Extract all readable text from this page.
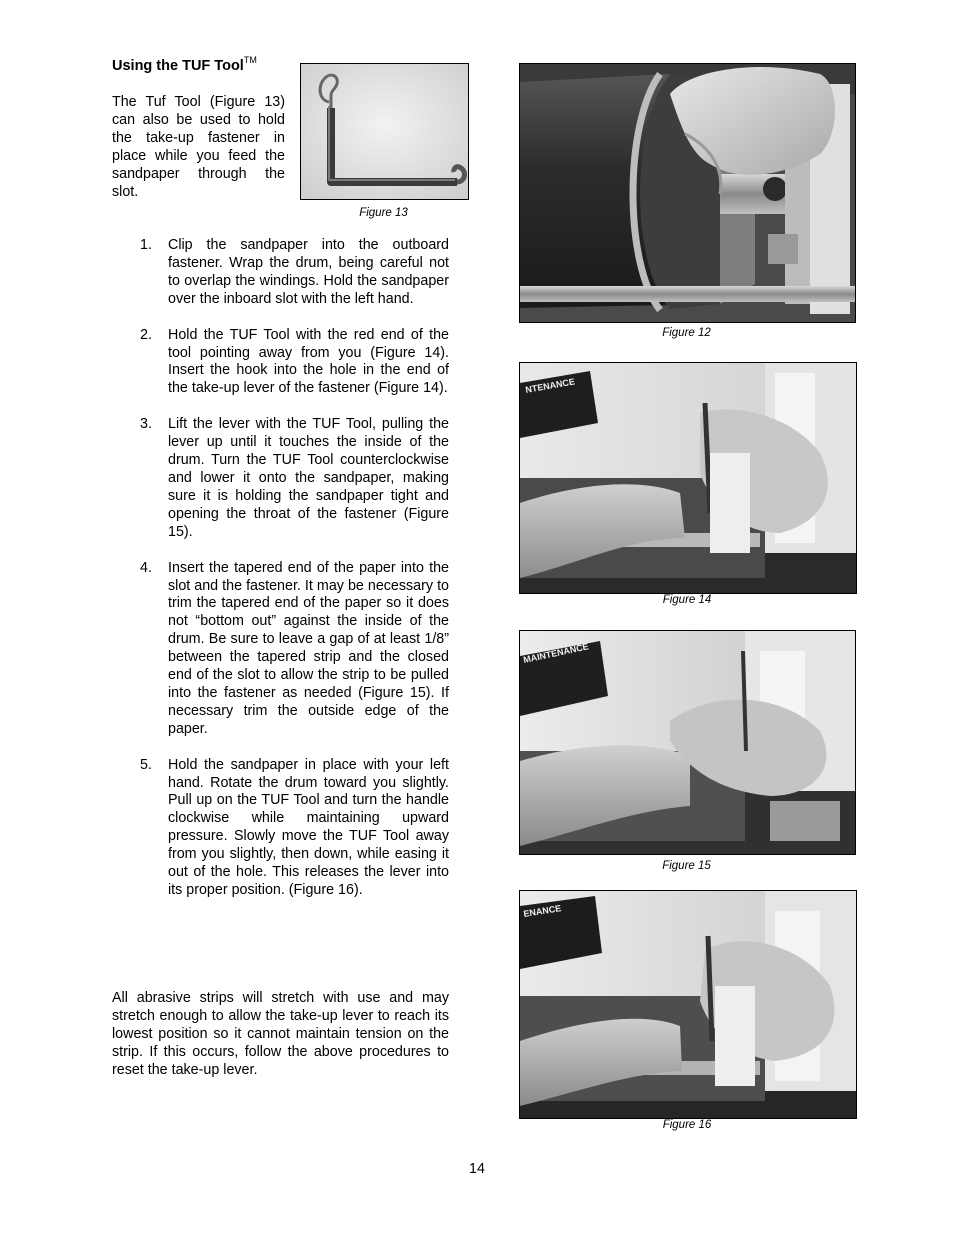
Using the TUF Tool™
The Tuf Tool (Figure 13) can also be used to hold the take-up fastener in place while you feed the sandpaper through the slot.
Figure 13
1. Clip the sandpaper into the outboard fastener. Wrap the drum, being careful not to overlap the windings. Hold the sandpaper over the inboard slot with the left hand.
2. Hold the TUF Tool with the red end of the tool pointing away from you (Figure 14). Insert the hook into the hole in the end of the take-up lever of the fastener (Figure 14).
3. Lift the lever with the TUF Tool, pulling the lever up until it touches the inside of the drum. Turn the TUF Tool counterclockwise and lower it onto the sandpaper, making sure it is holding the sandpaper tight and opening the throat of the fastener (Figure 15).
4. Insert the tapered end of the paper into the slot and the fastener. It may be necessary to trim the tapered end of the paper so it does not “bottom out” against the inside of the drum. Be sure to leave a gap of at least 1/8” between the tapered strip and the closed end of the slot to allow the strip to be pulled into the fastener as needed (Figure 15). If necessary trim the outside edge of the paper.
5. Hold the sandpaper in place with your left hand. Rotate the drum toward you slightly. Pull up on the TUF Tool and turn the handle clockwise while maintaining upward pressure. Slowly move the TUF Tool away from you slightly, then down, while easing it out of the hole. This releases the lever into its proper position. (Figure 16).
All abrasive strips will stretch with use and may stretch enough to allow the take-up lever to reach its lowest position so it cannot maintain tension on the strip. If this occurs, follow the above procedures to reset the take-up lever.
Figure 12
NTENANCE
Figure 14
MAINTENANCE
Figure 15
ENANCE
Figure 16
14
